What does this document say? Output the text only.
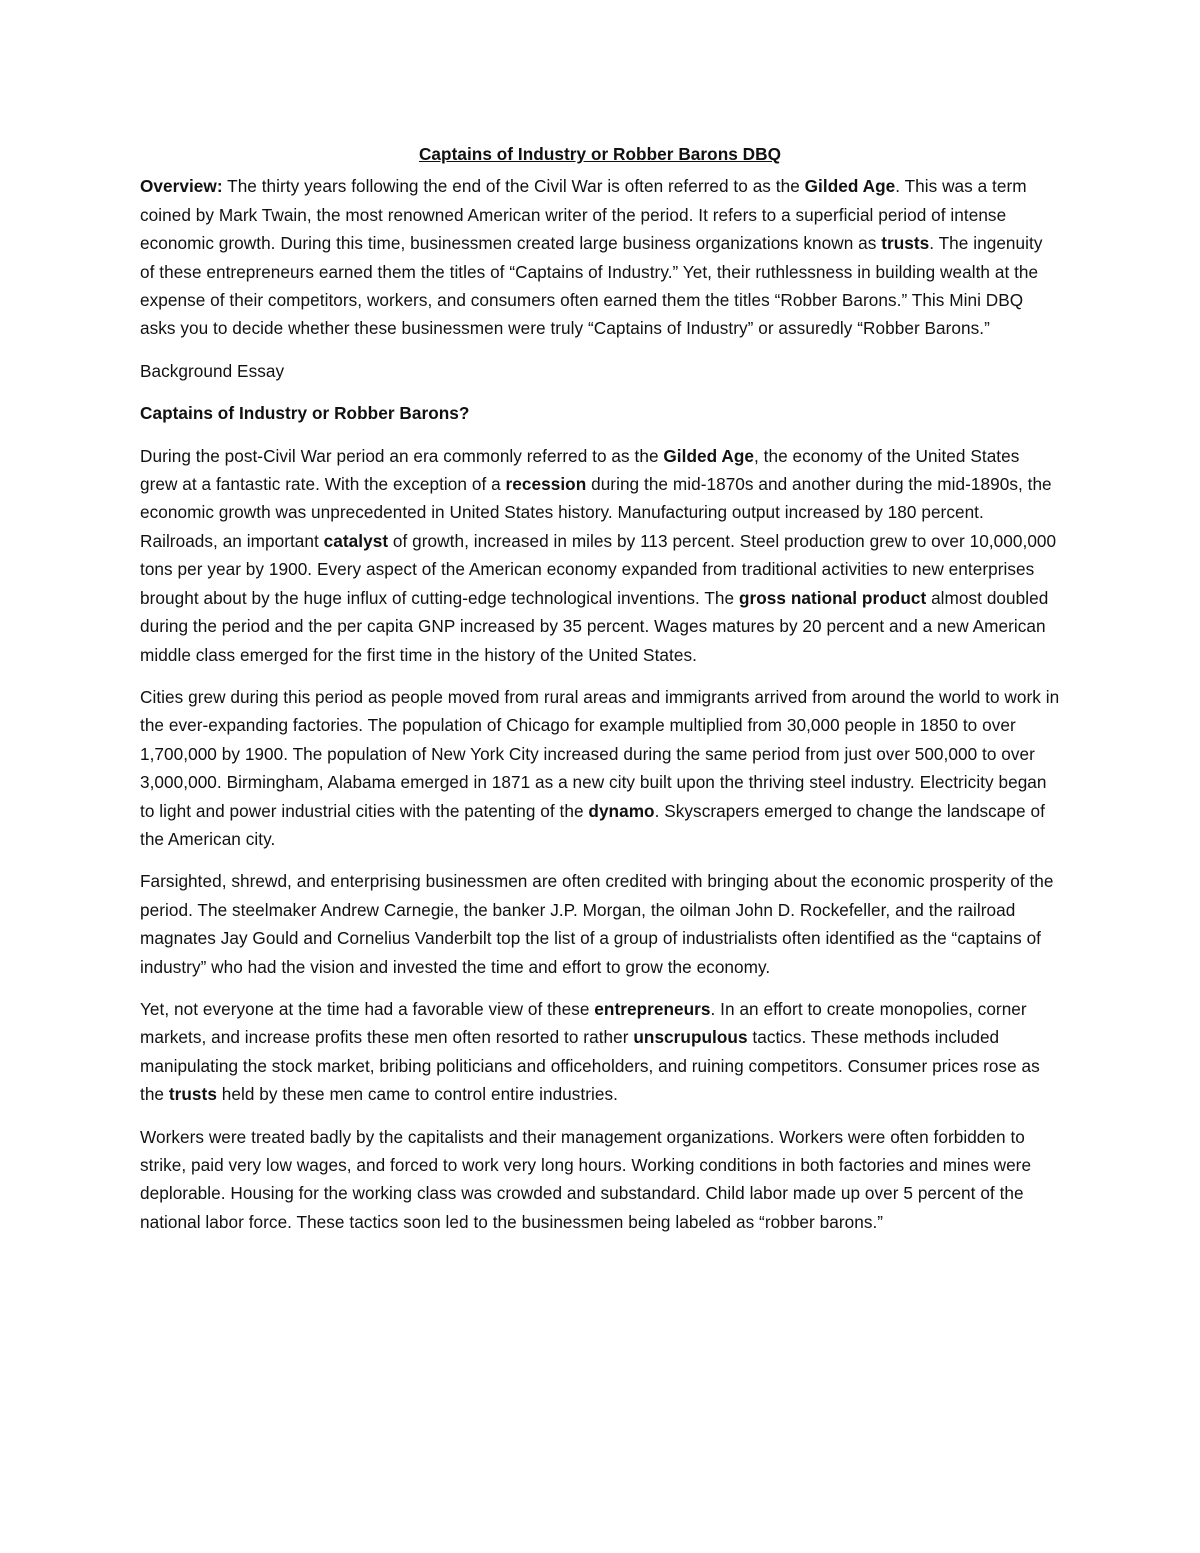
Captains of Industry or Robber Barons DBQ

Overview: The thirty years following the end of the Civil War is often referred to as the Gilded Age. This was a term coined by Mark Twain, the most renowned American writer of the period. It refers to a superficial period of intense economic growth. During this time, businessmen created large business organizations known as trusts. The ingenuity of these entrepreneurs earned them the titles of “Captains of Industry.” Yet, their ruthlessness in building wealth at the expense of their competitors, workers, and consumers often earned them the titles “Robber Barons.” This Mini DBQ asks you to decide whether these businessmen were truly “Captains of Industry” or assuredly “Robber Barons.”

Background Essay

Captains of Industry or Robber Barons?

During the post-Civil War period an era commonly referred to as the Gilded Age, the economy of the United States grew at a fantastic rate. With the exception of a recession during the mid-1870s and another during the mid-1890s, the economic growth was unprecedented in United States history. Manufacturing output increased by 180 percent. Railroads, an important catalyst of growth, increased in miles by 113 percent. Steel production grew to over 10,000,000 tons per year by 1900. Every aspect of the American economy expanded from traditional activities to new enterprises brought about by the huge influx of cutting-edge technological inventions. The gross national product almost doubled during the period and the per capita GNP increased by 35 percent. Wages matures by 20 percent and a new American middle class emerged for the first time in the history of the United States.

Cities grew during this period as people moved from rural areas and immigrants arrived from around the world to work in the ever-expanding factories. The population of Chicago for example multiplied from 30,000 people in 1850 to over 1,700,000 by 1900. The population of New York City increased during the same period from just over 500,000 to over 3,000,000. Birmingham, Alabama emerged in 1871 as a new city built upon the thriving steel industry. Electricity began to light and power industrial cities with the patenting of the dynamo. Skyscrapers emerged to change the landscape of the American city.

Farsighted, shrewd, and enterprising businessmen are often credited with bringing about the economic prosperity of the period. The steelmaker Andrew Carnegie, the banker J.P. Morgan, the oilman John D. Rockefeller, and the railroad magnates Jay Gould and Cornelius Vanderbilt top the list of a group of industrialists often identified as the “captains of industry” who had the vision and invested the time and effort to grow the economy.

Yet, not everyone at the time had a favorable view of these entrepreneurs. In an effort to create monopolies, corner markets, and increase profits these men often resorted to rather unscrupulous tactics. These methods included manipulating the stock market, bribing politicians and officeholders, and ruining competitors. Consumer prices rose as the trusts held by these men came to control entire industries.

Workers were treated badly by the capitalists and their management organizations. Workers were often forbidden to strike, paid very low wages, and forced to work very long hours. Working conditions in both factories and mines were deplorable. Housing for the working class was crowded and substandard. Child labor made up over 5 percent of the national labor force. These tactics soon led to the businessmen being labeled as “robber barons.”
